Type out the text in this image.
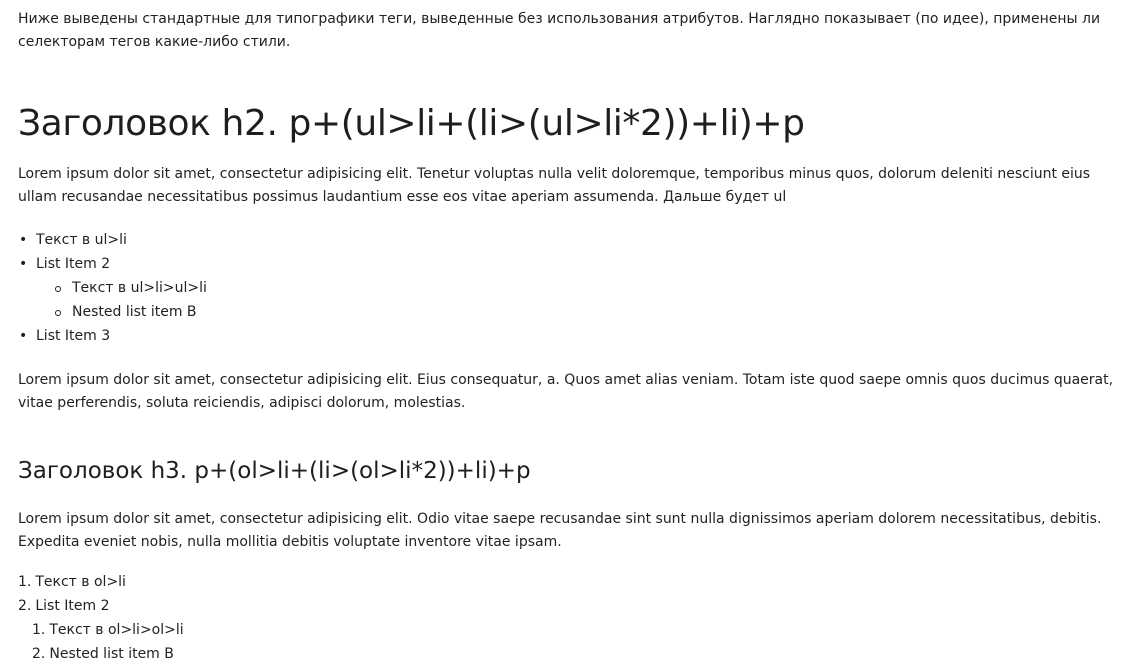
Ниже выведены стандартные для типографики теги, выведенные без использования атрибутов. Наглядно показывает (по идее), применены ли селекторам тегов какие-либо стили.

Заголовок h2. p+(ul>li+(li>(ul>li*2))+li)+p

Lorem ipsum dolor sit amet, consectetur adipisicing elit. Tenetur voluptas nulla velit doloremque, temporibus minus quos, dolorum deleniti nesciunt eius ullam recusandae necessitatibus possimus laudantium esse eos vitae aperiam assumenda. Дальше будет ul

• Текст в ul>li
• List Item 2
Текст в ul>li>ul>li
Nested list item B
• List Item 3

Lorem ipsum dolor sit amet, consectetur adipisicing elit. Eius consequatur, a. Quos amet alias veniam. Totam iste quod saepe omnis quos ducimus quaerat, vitae perferendis, soluta reiciendis, adipisci dolorum, molestias.

Заголовок h3. p+(ol>li+(li>(ol>li*2))+li)+p

Lorem ipsum dolor sit amet, consectetur adipisicing elit. Odio vitae saepe recusandae sint sunt nulla dignissimos aperiam dolorem necessitatibus, debitis. Expedita eveniet nobis, nulla mollitia debitis voluptate inventore vitae ipsam.

1. Текст в ol>li
2. List Item 2
1. Текст в ol>li>ol>li
2. Nested list item B
